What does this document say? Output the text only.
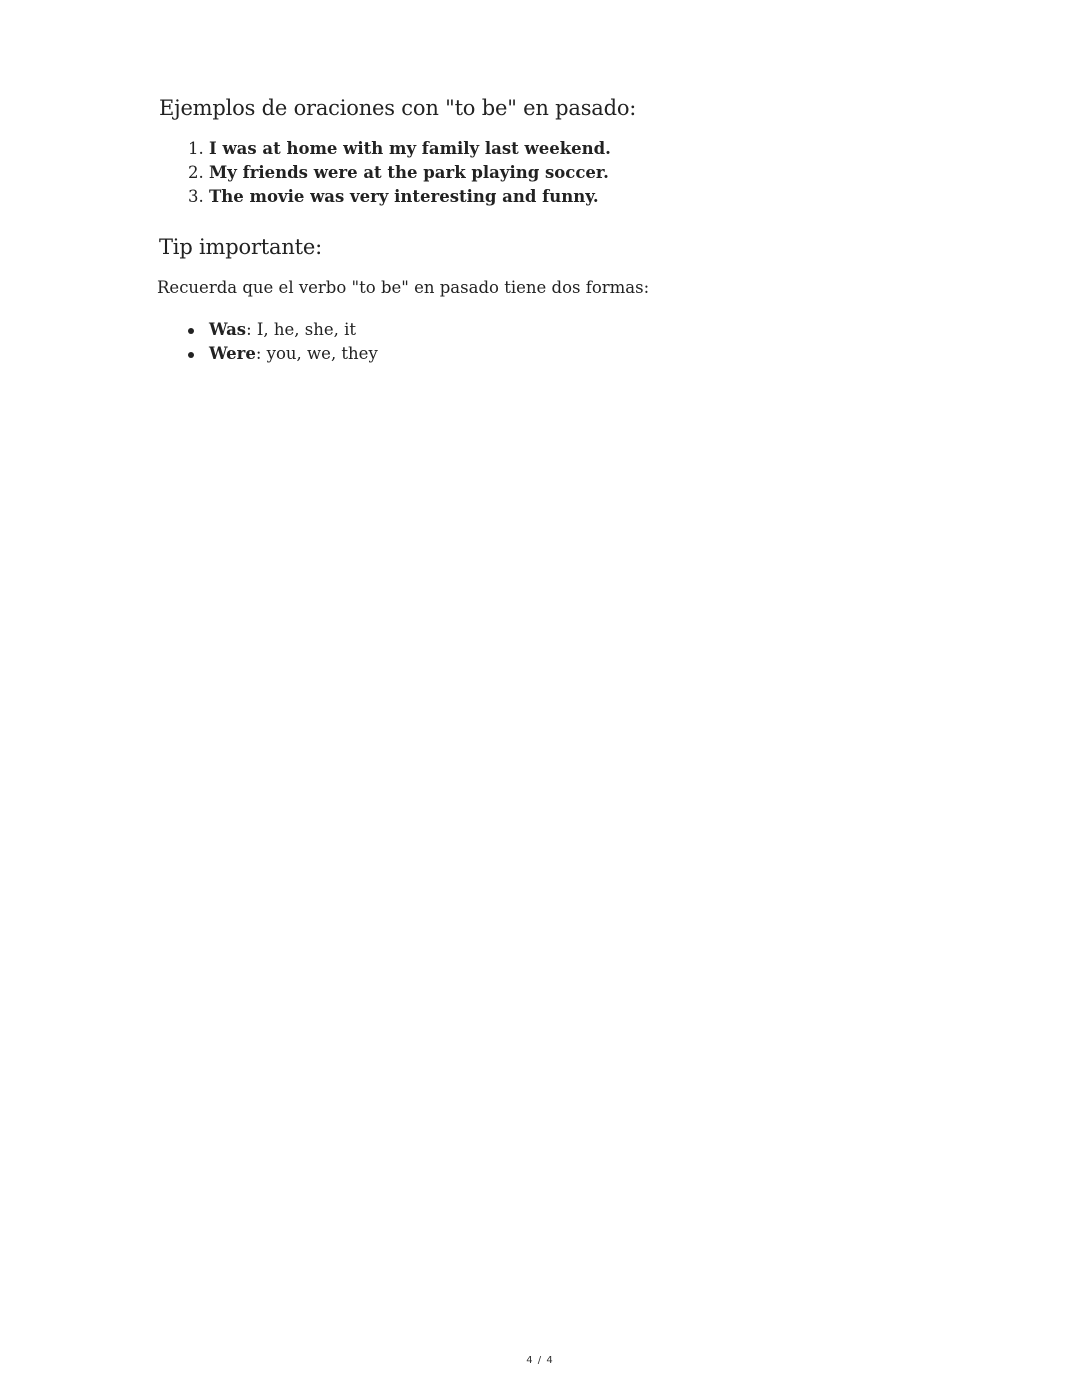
Ejemplos de oraciones con "to be" en pasado:
1. I was at home with my family last weekend.
2. My friends were at the park playing soccer.
3. The movie was very interesting and funny.
Tip importante:

Recuerda que el verbo "to be" en pasado tiene dos formas:

Was: I, he, she, it
Were: you, we, they
4 / 4
